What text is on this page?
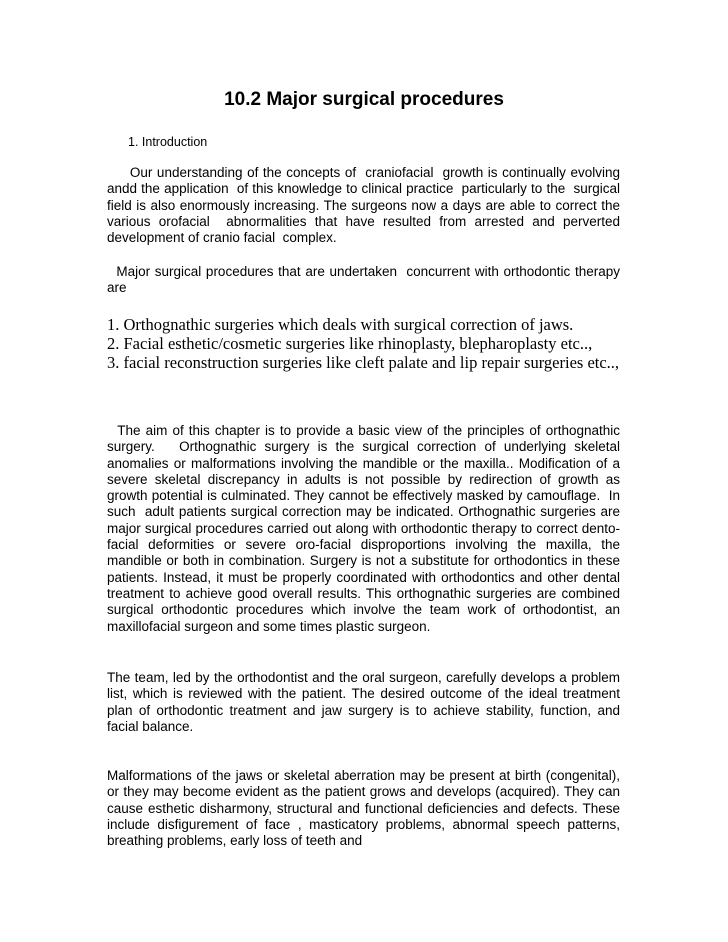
10.2 Major surgical procedures
1. Introduction
Our understanding of the concepts of  craniofacial  growth is continually evolving andd the application  of this knowledge to clinical practice  particularly to the  surgical field is also enormously increasing. The surgeons now a days are able to correct the various orofacial  abnormalities that have resulted from arrested and perverted development of cranio facial  complex.
Major surgical procedures that are undertaken  concurrent with orthodontic therapy are
1. Orthognathic surgeries which deals with surgical correction of jaws.
2. Facial esthetic/cosmetic surgeries like rhinoplasty, blepharoplasty etc..,
3. facial reconstruction surgeries like cleft palate and lip repair surgeries etc..,
The aim of this chapter is to provide a basic view of the principles of orthognathic surgery.   Orthognathic surgery is the surgical correction of underlying skeletal anomalies or malformations involving the mandible or the maxilla.. Modification of a severe skeletal discrepancy in adults is not possible by redirection of growth as growth potential is culminated. They cannot be effectively masked by camouflage.  In such  adult patients surgical correction may be indicated. Orthognathic surgeries are major surgical procedures carried out along with orthodontic therapy to correct dento-facial deformities or severe oro-facial disproportions involving the maxilla, the mandible or both in combination. Surgery is not a substitute for orthodontics in these patients. Instead, it must be properly coordinated with orthodontics and other dental treatment to achieve good overall results. This orthognathic surgeries are combined surgical orthodontic procedures which involve the team work of orthodontist, an maxillofacial surgeon and some times plastic surgeon.
The team, led by the orthodontist and the oral surgeon, carefully develops a problem list, which is reviewed with the patient. The desired outcome of the ideal treatment plan of orthodontic treatment and jaw surgery is to achieve stability, function, and facial balance.
Malformations of the jaws or skeletal aberration may be present at birth (congenital), or they may become evident as the patient grows and develops (acquired). They can cause esthetic disharmony, structural and functional deficiencies and defects. These include disfigurement of face , masticatory problems, abnormal speech patterns, breathing problems, early loss of teeth and
